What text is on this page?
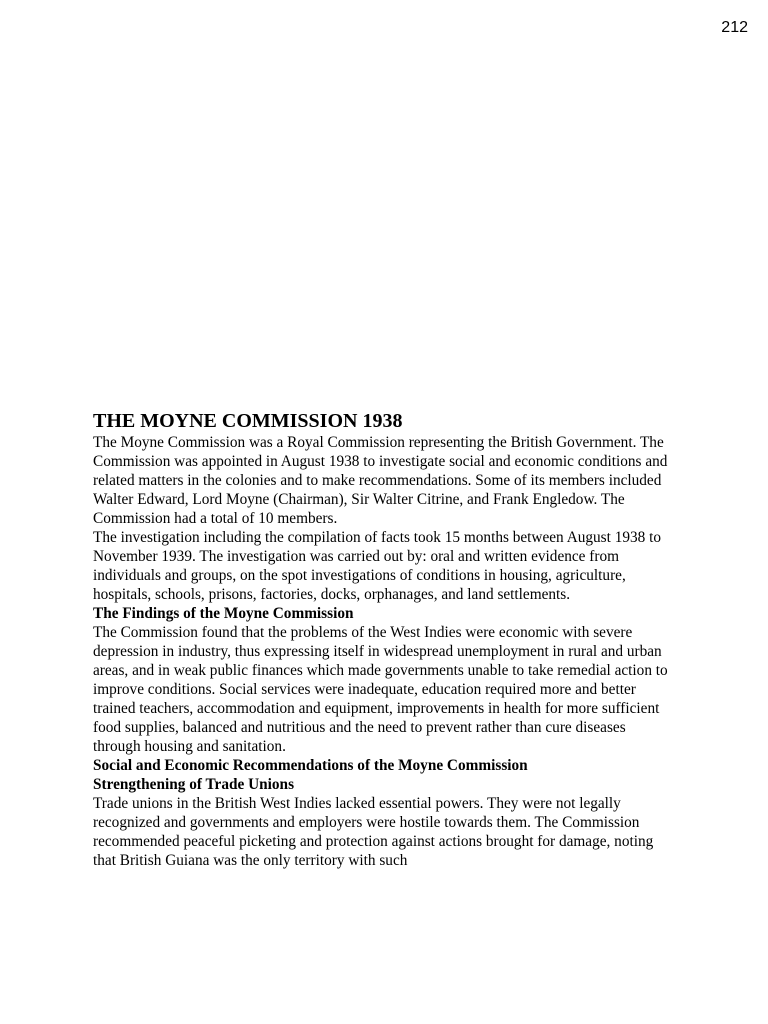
212
THE MOYNE COMMISSION 1938

The Moyne Commission was a Royal Commission representing the British Government. The Commission was appointed in August 1938 to investigate social and economic conditions and related matters in the colonies and to make recommendations. Some of its members included Walter Edward, Lord Moyne (Chairman), Sir Walter Citrine, and Frank Engledow. The Commission had a total of 10 members.

The investigation including the compilation of facts took 15 months between August 1938 to November 1939. The investigation was carried out by: oral and written evidence from individuals and groups, on the spot investigations of conditions in housing, agriculture, hospitals, schools, prisons, factories, docks, orphanages, and land settlements.

The Findings of the Moyne Commission

The Commission found that the problems of the West Indies were economic with severe depression in industry, thus expressing itself in widespread unemployment in rural and urban areas, and in weak public finances which made governments unable to take remedial action to improve conditions. Social services were inadequate, education required more and better trained teachers, accommodation and equipment, improvements in health for more sufficient food supplies, balanced and nutritious and the need to prevent rather than cure diseases through housing and sanitation.

Social and Economic Recommendations of the Moyne Commission

Strengthening of Trade Unions

Trade unions in the British West Indies lacked essential powers. They were not legally recognized and governments and employers were hostile towards them. The Commission recommended peaceful picketing and protection against actions brought for damage, noting that British Guiana was the only territory with such
